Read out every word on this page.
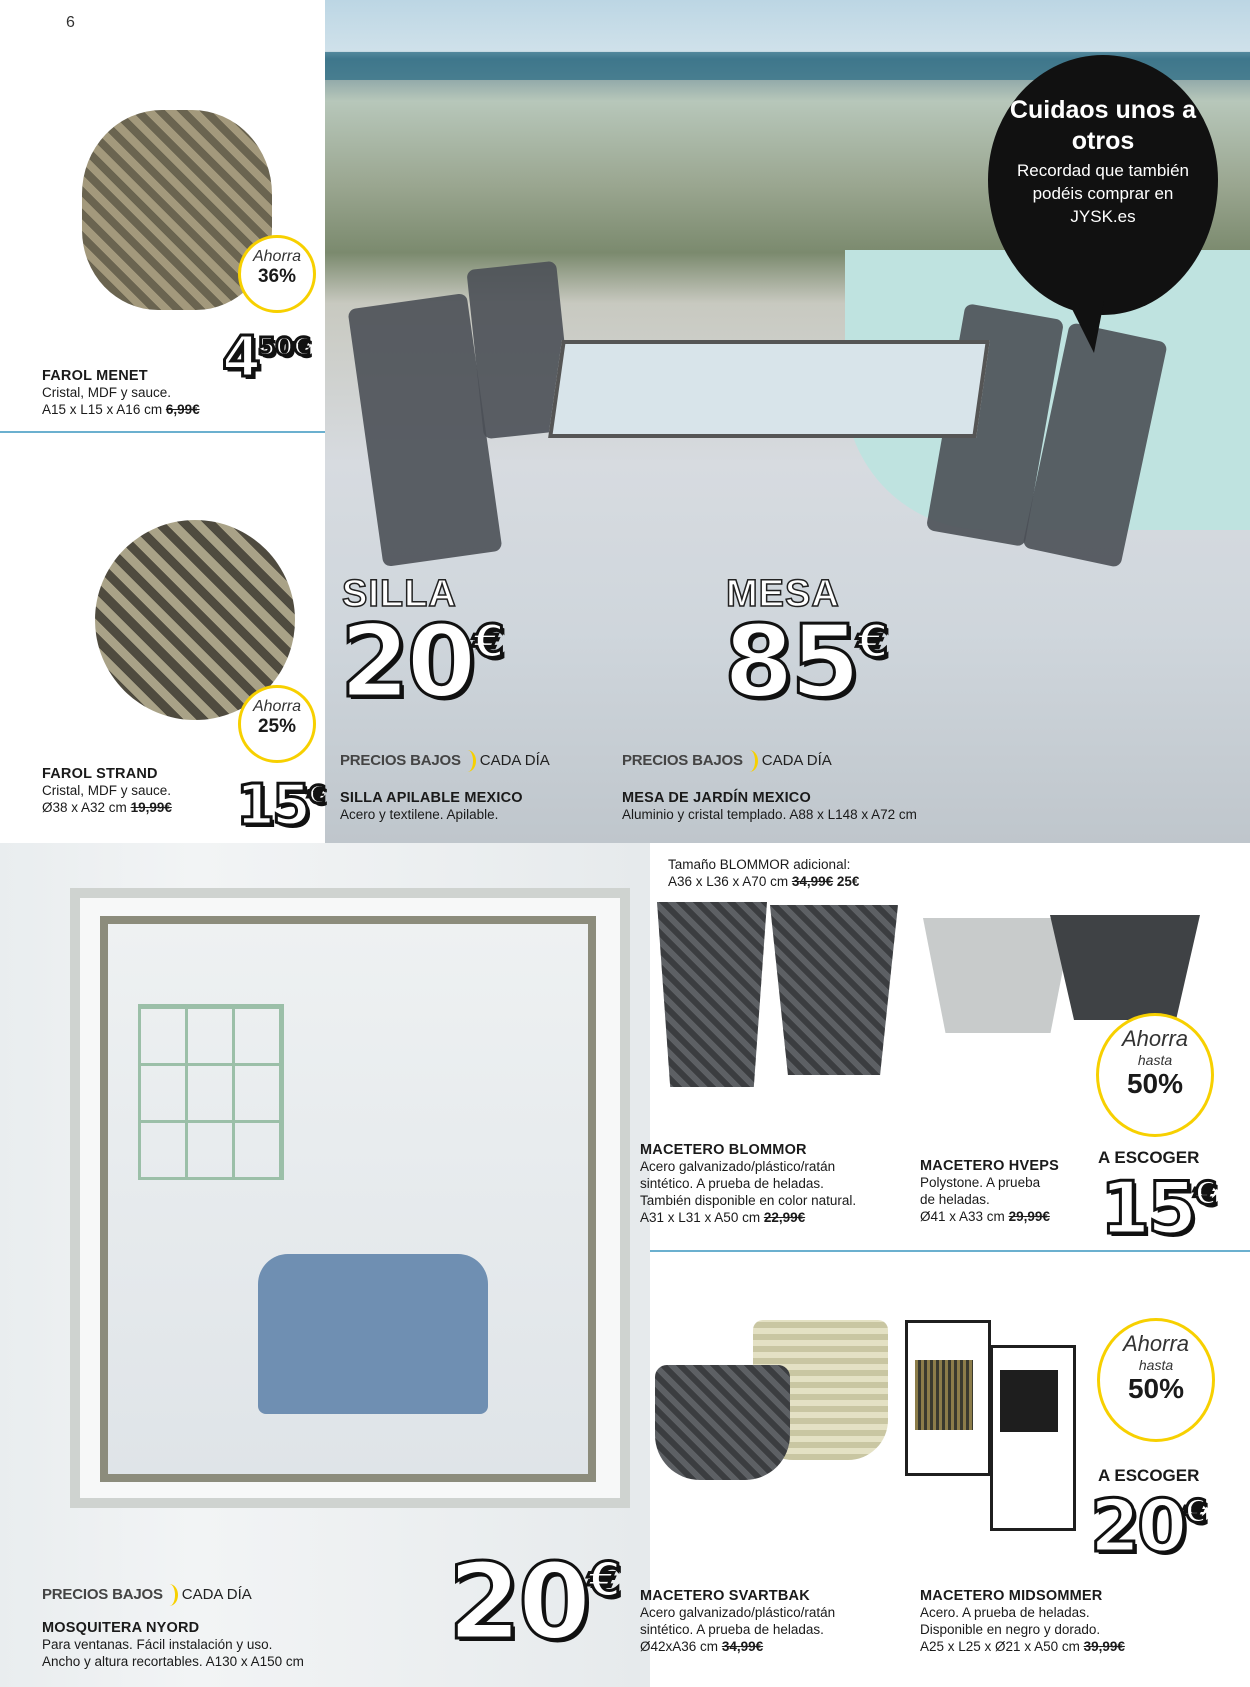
6
Cuidaos unos a otros
Recordad que también podéis comprar en JYSK.es
SILLA
20€
MESA
85€
PRECIOS BAJOS CADA DÍA	PRECIOS BAJOS CADA DÍA
SILLA APILABLE MEXICO
Acero y textilene. Apilable.
MESA DE JARDÍN MEXICO
Aluminio y cristal templado. A88 x L148 x A72 cm
Ahorra
36%
$4^{50€}$
FAROL MENET
Cristal, MDF y sauce.
A15 x L15 x A16 cm 6,99€
Ahorra
25%
15€
FAROL STRAND
Cristal, MDF y sauce.
Ø38 x A32 cm 19,99€
PRECIOS BAJOS CADA DÍA
MOSQUITERA NYORD
Para ventanas. Fácil instalación y uso.
Ancho y altura recortables. A130 x A150 cm 20€
Tamaño BLOMMOR adicional:
A36 x L36 x A70 cm 34,99€ 25€
Ahorra
hasta
50%
MACETERO BLOMMOR
Acero galvanizado/plástico/ratán
sintético. A prueba de heladas.
También disponible en color natural.
A31 x L31 x A50 cm 22,99€
MACETERO HVEPS
Polystone. A prueba
de heladas.
Ø41 x A33 cm 29,99€
A ESCOGER
15€
Ahorra
hasta
50%
A ESCOGER
20€
MACETERO SVARTBAK
Acero galvanizado/plástico/ratán
sintético. A prueba de heladas.
Ø42xA36 cm 34,99€
MACETERO MIDSOMMER
Acero. A prueba de heladas.
Disponible en negro y dorado.
A25 x L25 x Ø21 x A50 cm 39,99€
